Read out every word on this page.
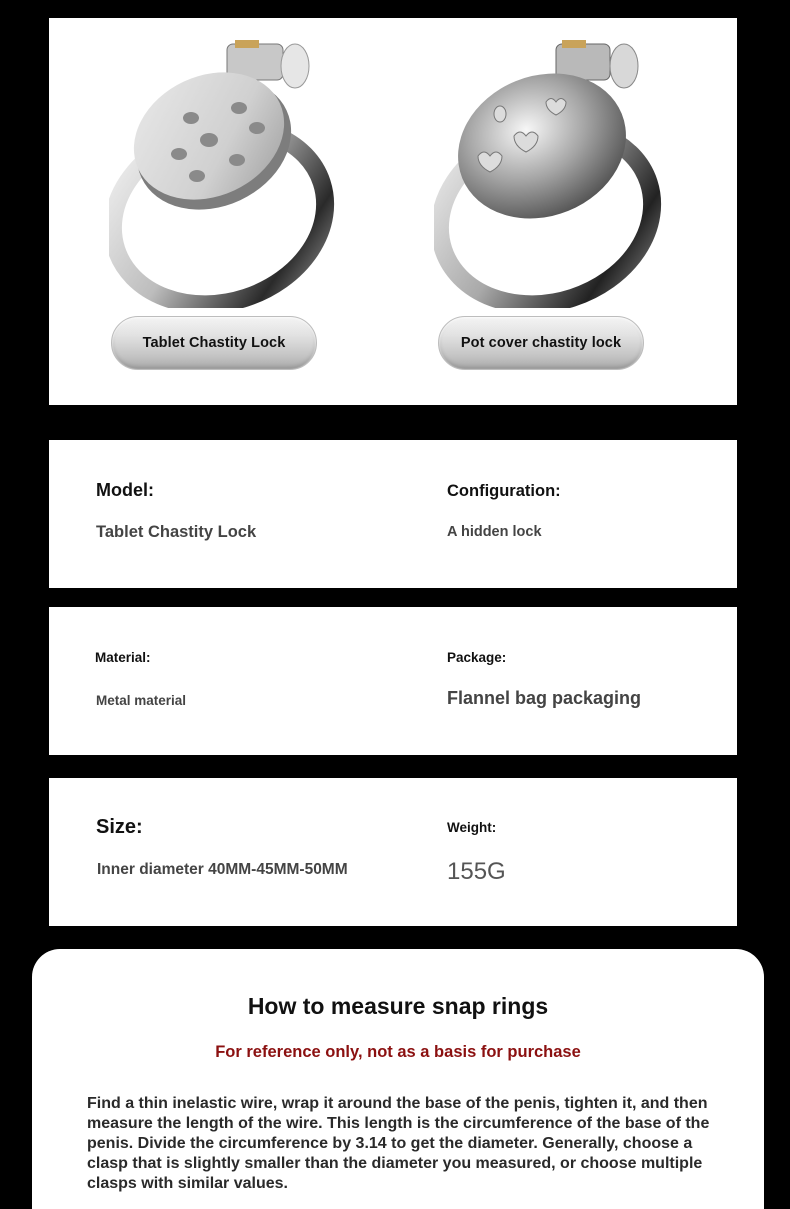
Tablet Chastity Lock	Pot cover chastity lock
Model:
Tablet Chastity Lock
Configuration:
A hidden lock
Material:
Metal material
Package:
Flannel bag packaging
Size:
Inner diameter 40MM-45MM-50MM
Weight:
155G
How to measure snap rings
For reference only, not as a basis for purchase
Find a thin inelastic wire, wrap it around the base of the penis, tighten it, and then measure the length of the wire. This length is the circumference of the base of the penis. Divide the circumference by 3.14 to get the diameter. Generally, choose a clasp that is slightly smaller than the diameter you measured, or choose multiple clasps with similar values.
